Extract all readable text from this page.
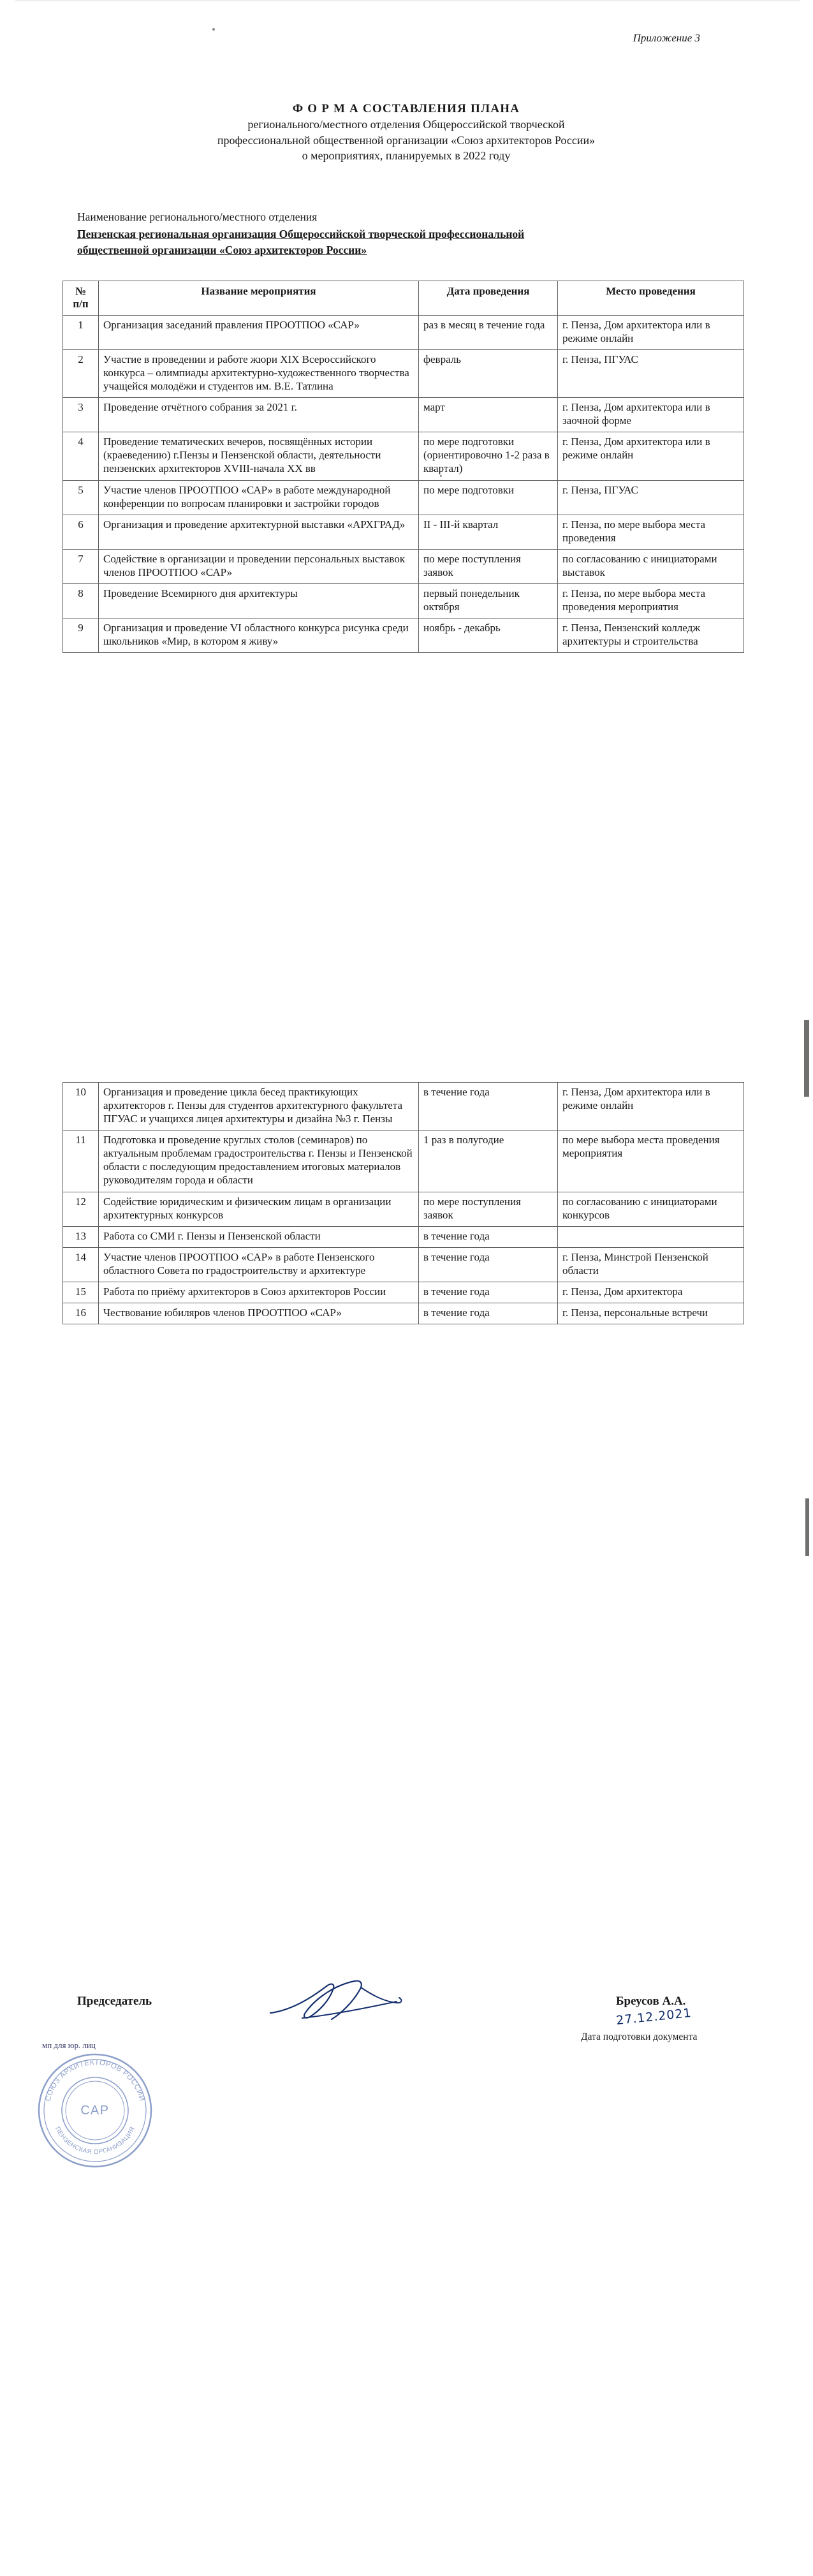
Приложение 3
Ф О Р М А СОСТАВЛЕНИЯ ПЛАНА
регионального/местного отделения Общероссийской творческой
профессиональной общественной организации «Союз архитекторов России»
о мероприятиях, планируемых в 2022 году
Наименование регионального/местного отделения
Пензенская региональная организация Общероссийской творческой профессиональной
общественной организации «Союз архитекторов России»
№
п/п	Название мероприятия	Дата проведения	Место проведения
1	Организация заседаний правления ПРООТПОО «САР»	раз в месяц в течение года	г. Пенза, Дом архитектора или в режиме онлайн
2	Участие в проведении и работе жюри XIX Всероссийского конкурса – олимпиады архитектурно-художественного творчества учащейся молодёжи и студентов им. В.Е. Татлина	февраль	г. Пенза, ПГУАС
3	Проведение отчётного собрания за 2021 г.	март	г. Пенза, Дом архитектора или в заочной форме
4	Проведение тематических вечеров, посвящённых истории (краеведению) г.Пензы и Пензенской области, деятельности пензенских архитекторов XVIII-начала XX вв	по мере подготовки (ориентировочно 1-2 раза в квартал)	г. Пенза, Дом архитектора или в режиме онлайн
5	Участие членов ПРООТПОО «САР» в работе международной конференции по вопросам планировки и застройки городов	по мере подготовки	г. Пенза, ПГУАС
6	Организация и проведение архитектурной выставки «АРХГРАД»	II - III-й квартал	г. Пенза, по мере выбора места проведения
7	Содействие в организации и проведении персональных выставок членов ПРООТПОО «САР»	по мере поступления заявок	по согласованию с инициаторами выставок
8	Проведение Всемирного дня архитектуры	первый понедельник октября	г. Пенза, по мере выбора места проведения мероприятия
9	Организация и проведение VI областного конкурса рисунка среди школьников «Мир, в котором я живу»	ноябрь - декабрь	г. Пенза, Пензенский колледж архитектуры и строительства
10	Организация и проведение цикла бесед практикующих архитекторов г. Пензы для студентов архитектурного факультета ПГУАС и учащихся лицея архитектуры и дизайна №3 г. Пензы	в течение года	г. Пенза, Дом архитектора или в режиме онлайн
11	Подготовка и проведение круглых столов (семинаров) по актуальным проблемам градостроительства г. Пензы и Пензенской области с последующим предоставлением итоговых материалов руководителям города и области	1 раз в полугодие	по мере выбора места проведения мероприятия
12	Содействие юридическим и физическим лицам в организации архитектурных конкурсов	по мере поступления заявок	по согласованию с инициаторами конкурсов
13	Работа со СМИ г. Пензы и Пензенской области	в течение года	
14	Участие членов ПРООТПОО «САР» в работе Пензенского областного Совета по градостроительству и архитектуре	в течение года	г. Пенза, Минстрой Пензенской области
15	Работа по приёму архитекторов в Союз архитекторов России	в течение года	г. Пенза, Дом архитектора
16	Чествование юбиляров членов ПРООТПОО «САР»	в течение года	г. Пенза, персональные встречи
Председатель	Бреусов А.А.
27.12.2021
Дата подготовки документа
мп для юр. лиц
СОЮЗ АРХИТЕКТОРОВ РОССИИ
ПЕНЗЕНСКАЯ ОРГАНИЗАЦИЯ
САР
